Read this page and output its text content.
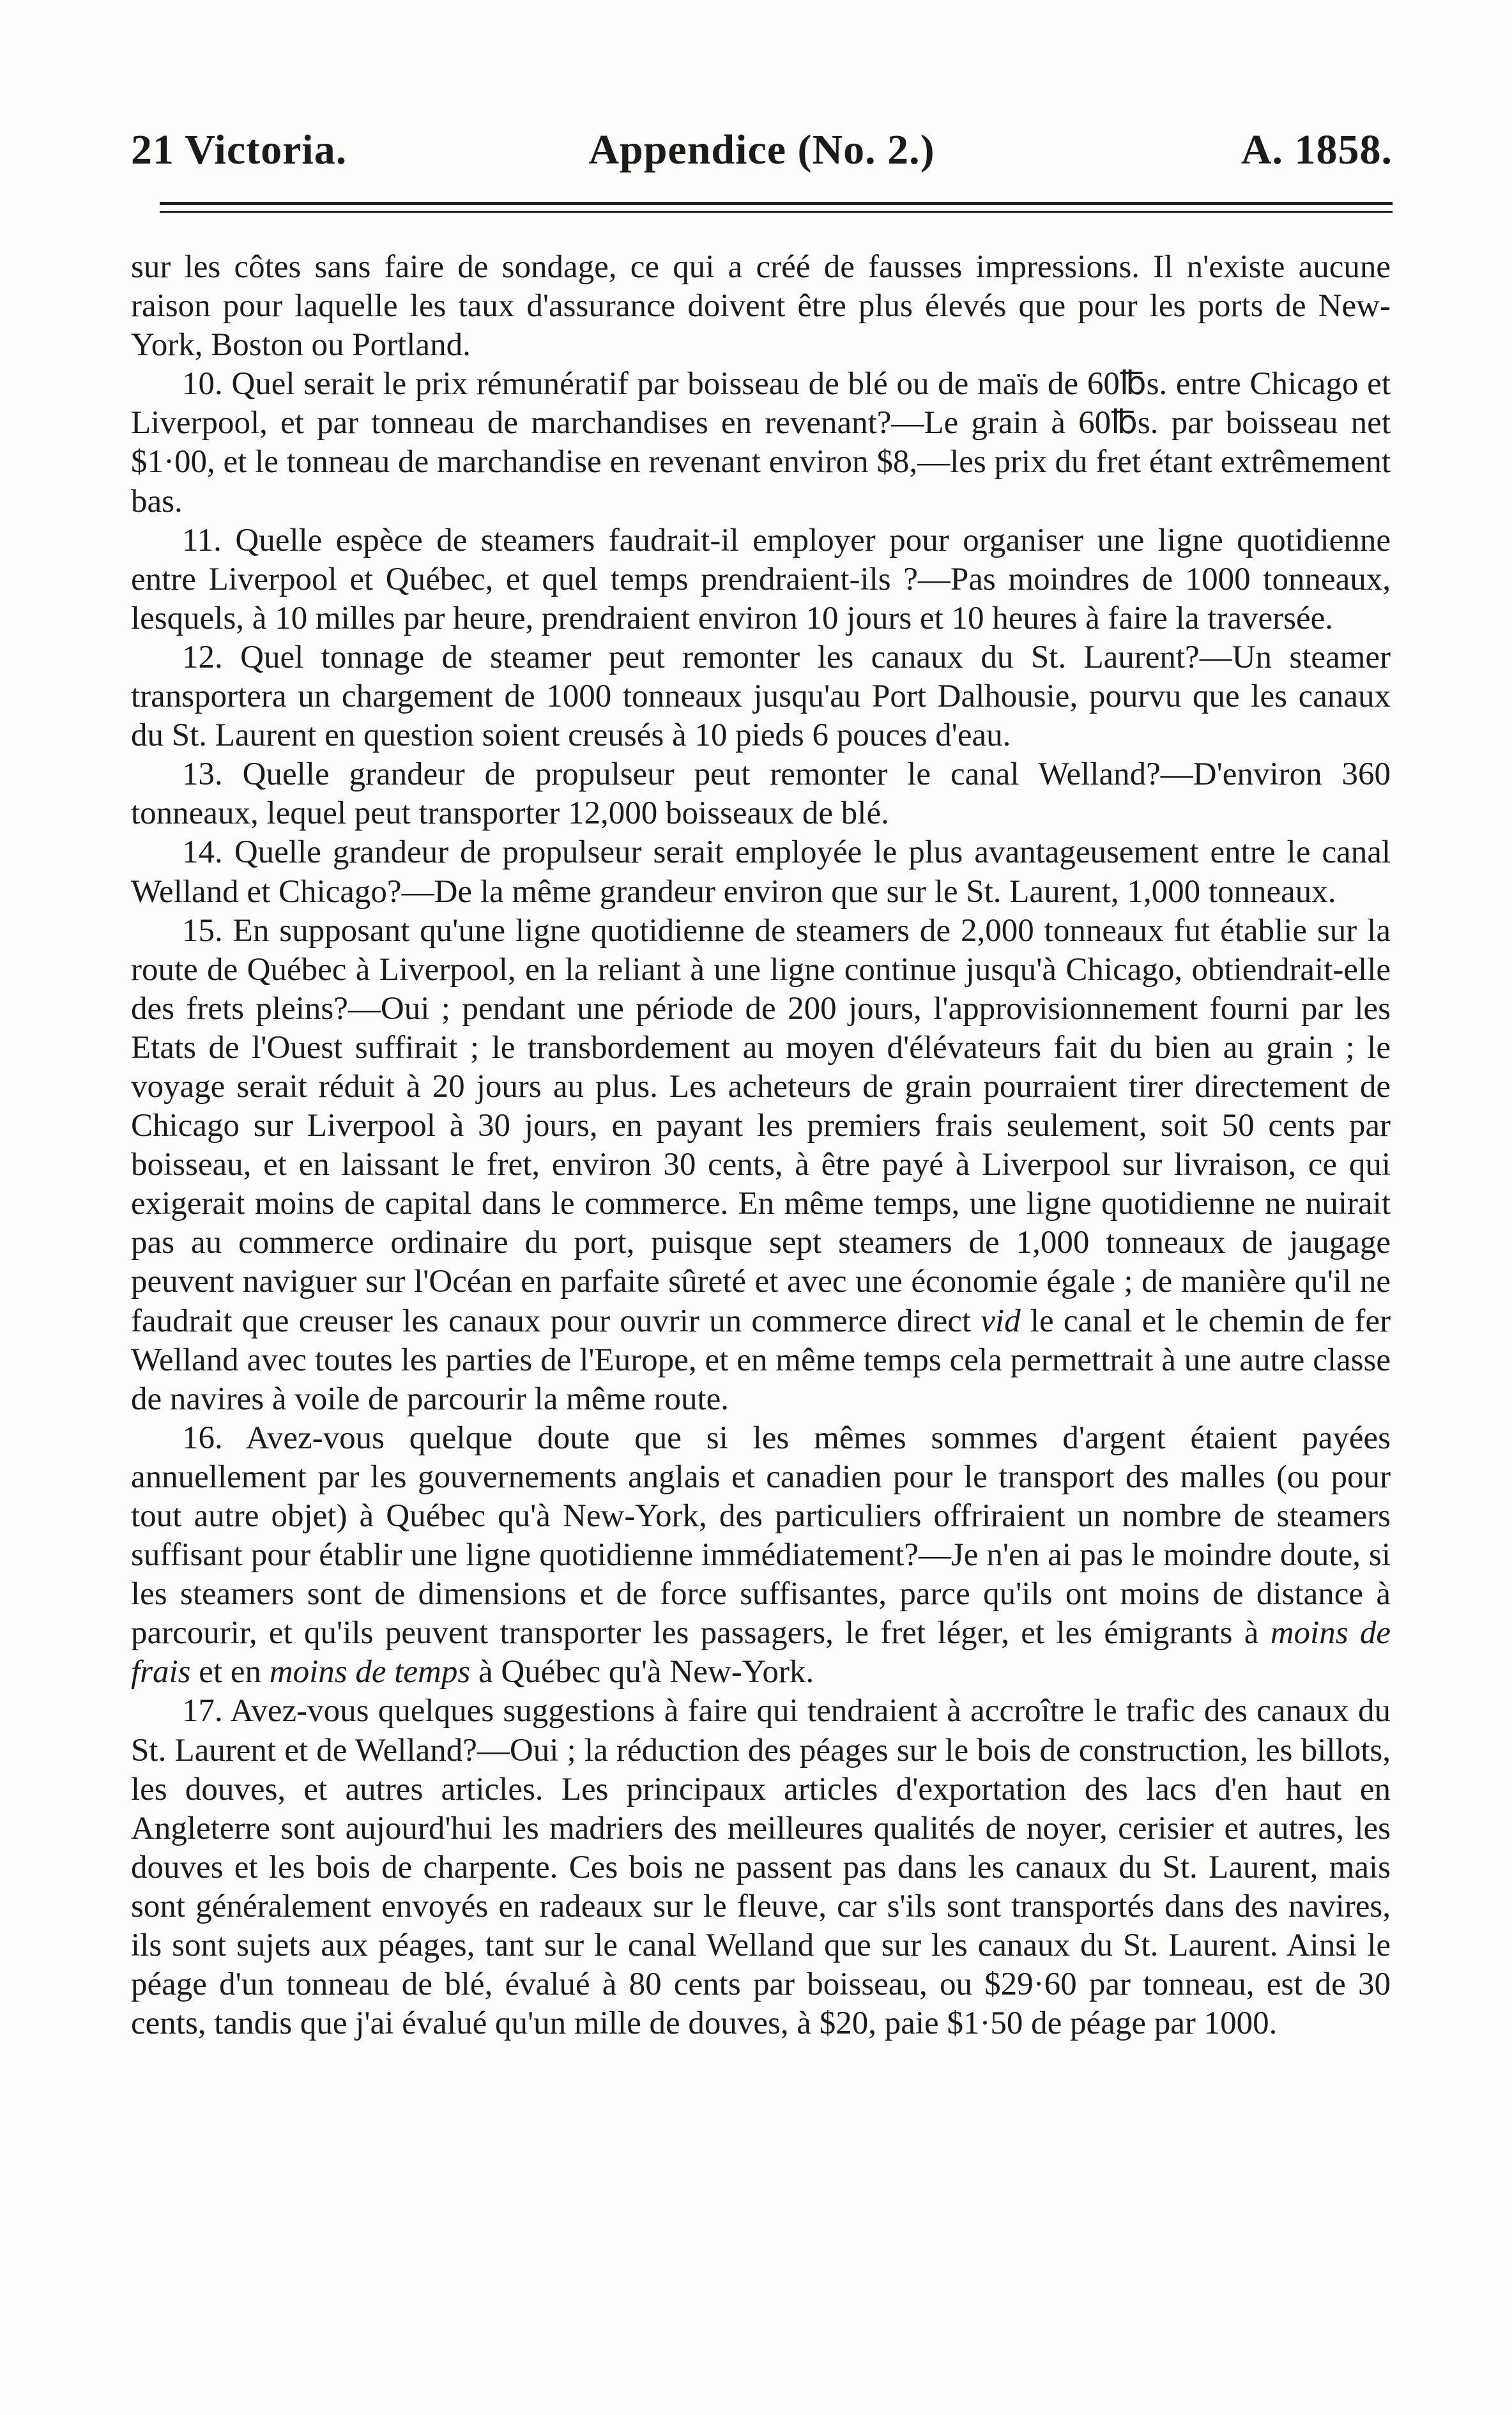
21 Victoria.	Appendice (No. 2.)	A. 1858.

sur les côtes sans faire de sondage, ce qui a créé de fausses impressions. Il n'existe aucune raison pour laquelle les taux d'assurance doivent être plus élevés que pour les ports de New-York, Boston ou Portland.

10. Quel serait le prix rémunératif par boisseau de blé ou de maïs de 60℔s. entre Chicago et Liverpool, et par tonneau de marchandises en revenant?—Le grain à 60℔s. par boisseau net $1·00, et le tonneau de marchandise en revenant environ $8,—les prix du fret étant extrêmement bas.

11. Quelle espèce de steamers faudrait-il employer pour organiser une ligne quotidienne entre Liverpool et Québec, et quel temps prendraient-ils ?—Pas moindres de 1000 tonneaux, lesquels, à 10 milles par heure, prendraient environ 10 jours et 10 heures à faire la traversée.

12. Quel tonnage de steamer peut remonter les canaux du St. Laurent?—Un steamer transportera un chargement de 1000 tonneaux jusqu'au Port Dalhousie, pourvu que les canaux du St. Laurent en question soient creusés à 10 pieds 6 pouces d'eau.

13. Quelle grandeur de propulseur peut remonter le canal Welland?—D'environ 360 tonneaux, lequel peut transporter 12,000 boisseaux de blé.

14. Quelle grandeur de propulseur serait employée le plus avantageusement entre le canal Welland et Chicago?—De la même grandeur environ que sur le St. Laurent, 1,000 tonneaux.

15. En supposant qu'une ligne quotidienne de steamers de 2,000 tonneaux fut établie sur la route de Québec à Liverpool, en la reliant à une ligne continue jusqu'à Chicago, obtiendrait-elle des frets pleins?—Oui ; pendant une période de 200 jours, l'approvisionnement fourni par les Etats de l'Ouest suffirait ; le transbordement au moyen d'élévateurs fait du bien au grain ; le voyage serait réduit à 20 jours au plus. Les acheteurs de grain pourraient tirer directement de Chicago sur Liverpool à 30 jours, en payant les premiers frais seulement, soit 50 cents par boisseau, et en laissant le fret, environ 30 cents, à être payé à Liverpool sur livraison, ce qui exigerait moins de capital dans le commerce. En même temps, une ligne quotidienne ne nuirait pas au commerce ordinaire du port, puisque sept steamers de 1,000 tonneaux de jaugage peuvent naviguer sur l'Océan en parfaite sûreté et avec une économie égale ; de manière qu'il ne faudrait que creuser les canaux pour ouvrir un commerce direct vid le canal et le chemin de fer Welland avec toutes les parties de l'Europe, et en même temps cela permettrait à une autre classe de navires à voile de parcourir la même route.

16. Avez-vous quelque doute que si les mêmes sommes d'argent étaient payées annuellement par les gouvernements anglais et canadien pour le transport des malles (ou pour tout autre objet) à Québec qu'à New-York, des particuliers offriraient un nombre de steamers suffisant pour établir une ligne quotidienne immédiatement?—Je n'en ai pas le moindre doute, si les steamers sont de dimensions et de force suffisantes, parce qu'ils ont moins de distance à parcourir, et qu'ils peuvent transporter les passagers, le fret léger, et les émigrants à moins de frais et en moins de temps à Québec qu'à New-York.

17. Avez-vous quelques suggestions à faire qui tendraient à accroître le trafic des canaux du St. Laurent et de Welland?—Oui ; la réduction des péages sur le bois de construction, les billots, les douves, et autres articles. Les principaux articles d'exportation des lacs d'en haut en Angleterre sont aujourd'hui les madriers des meilleures qualités de noyer, cerisier et autres, les douves et les bois de charpente. Ces bois ne passent pas dans les canaux du St. Laurent, mais sont généralement envoyés en radeaux sur le fleuve, car s'ils sont transportés dans des navires, ils sont sujets aux péages, tant sur le canal Welland que sur les canaux du St. Laurent. Ainsi le péage d'un tonneau de blé, évalué à 80 cents par boisseau, ou $29·60 par tonneau, est de 30 cents, tandis que j'ai évalué qu'un mille de douves, à $20, paie $1·50 de péage par 1000.
